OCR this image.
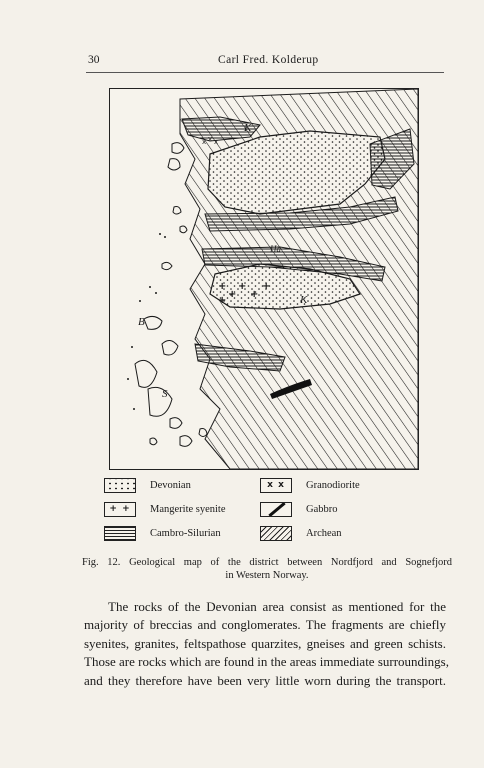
30	Carl Fred. Kolderup
+
+
+
+
+
+
x x x
B
S
K
K
Ha
Devonian	x x Granodiorite
+ + Mangerite syenite	Gabbro
Cambro-Silurian	Archean
Fig. 12. Geological map of the district between Nordfjord and Sognefjord
in Western Norway.
The rocks of the Devonian area consist as mentioned for the
majority of breccias and conglomerates. The fragments are chiefly
syenites, granites, feltspathose quarzites, gneises and green schists.
Those are rocks which are found in the areas immediate surroundings,
and they therefore have been very little worn during the transport.
